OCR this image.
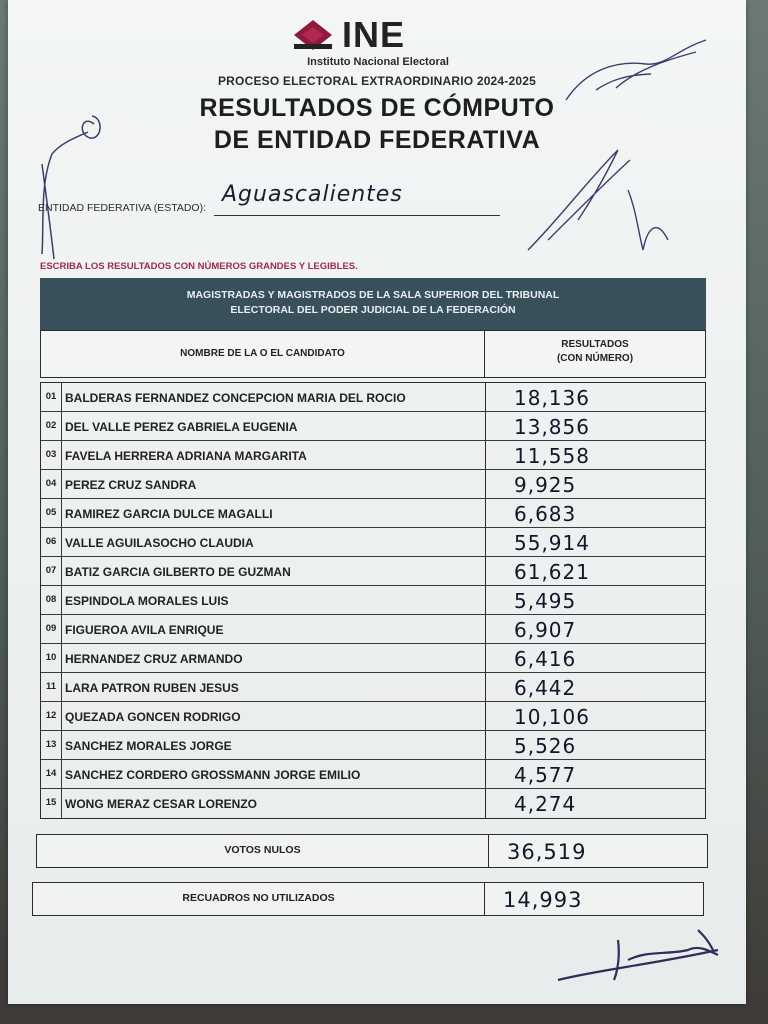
INE
Instituto Nacional Electoral
PROCESO ELECTORAL EXTRAORDINARIO 2024-2025
RESULTADOS DE CÓMPUTO
DE ENTIDAD FEDERATIVA
ENTIDAD FEDERATIVA (ESTADO):
Aguascalientes
ESCRIBA LOS RESULTADOS CON NÚMEROS GRANDES Y LEGIBLES.
MAGISTRADAS Y MAGISTRADOS DE LA SALA SUPERIOR DEL TRIBUNAL
ELECTORAL DEL PODER JUDICIAL DE LA FEDERACIÓN
NOMBRE DE LA O EL CANDIDATO
RESULTADOS
(CON NÚMERO)
01 BALDERAS FERNANDEZ CONCEPCION MARIA DEL ROCIO	18,136
02 DEL VALLE PEREZ GABRIELA EUGENIA	13,856
03 FAVELA HERRERA ADRIANA MARGARITA	11,558
04 PEREZ CRUZ SANDRA	9,925
05 RAMIREZ GARCIA DULCE MAGALLI	6,683
06 VALLE AGUILASOCHO CLAUDIA	55,914
07 BATIZ GARCIA GILBERTO DE GUZMAN	61,621
08 ESPINDOLA MORALES LUIS	5,495
09 FIGUEROA AVILA ENRIQUE	6,907
10 HERNANDEZ CRUZ ARMANDO	6,416
11 LARA PATRON RUBEN JESUS	6,442
12 QUEZADA GONCEN RODRIGO	10,106
13 SANCHEZ MORALES JORGE	5,526
14 SANCHEZ CORDERO GROSSMANN JORGE EMILIO	4,577
15 WONG MERAZ CESAR LORENZO	4,274
VOTOS NULOS	36,519
RECUADROS NO UTILIZADOS	14,993
